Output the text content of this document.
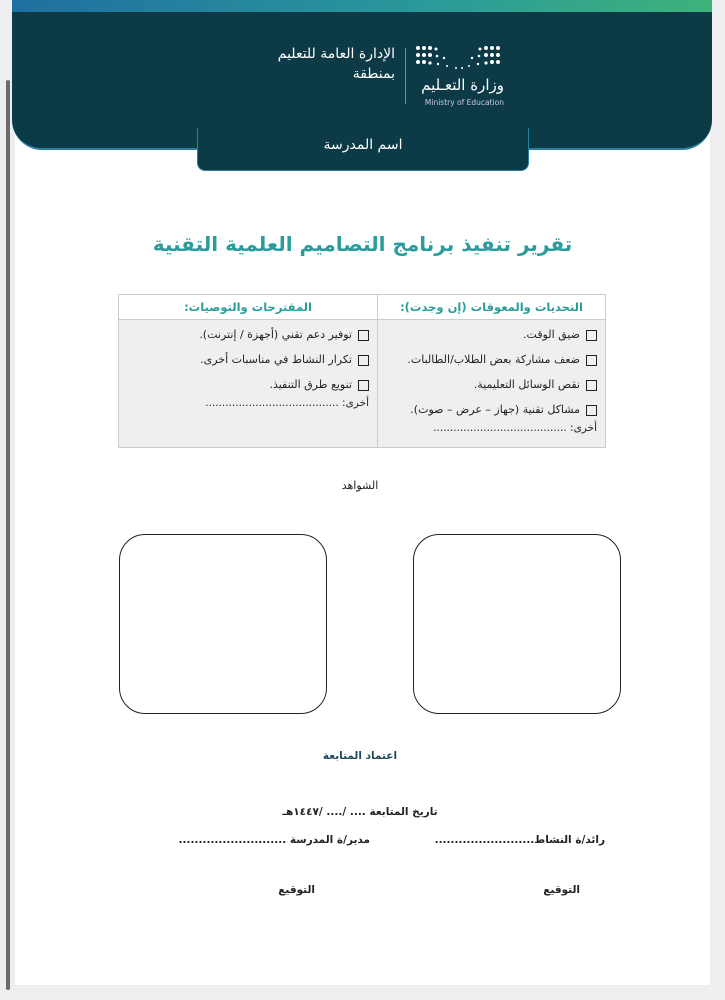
وزارة التعـليم
Ministry of Education
الإدارة العامة للتعليم
بمنطقة
اسم المدرسة
تقرير تنفيذ برنامج التصاميم العلمية التقنية
التحديات والمعوقات (إن وجدت):
ضيق الوقت.
ضعف مشاركة بعض الطلاب/الطالبات.
نقص الوسائل التعليمية.
مشاكل تقنية (جهاز – عرض – صوت).
أخرى: ........................................
المقترحات والتوصيات:
توفير دعم تقني (أجهزة / إنترنت).
تكرار النشاط في مناسبات أخرى.
تنويع طرق التنفيذ.
أخرى: ........................................
الشواهد
اعتماد المتابعة
تاريخ المتابعة .... /.... /١٤٤٧هـ
رائد/ة النشاط.........................
مدير/ة المدرسة ...........................
التوقيع
التوقيع
